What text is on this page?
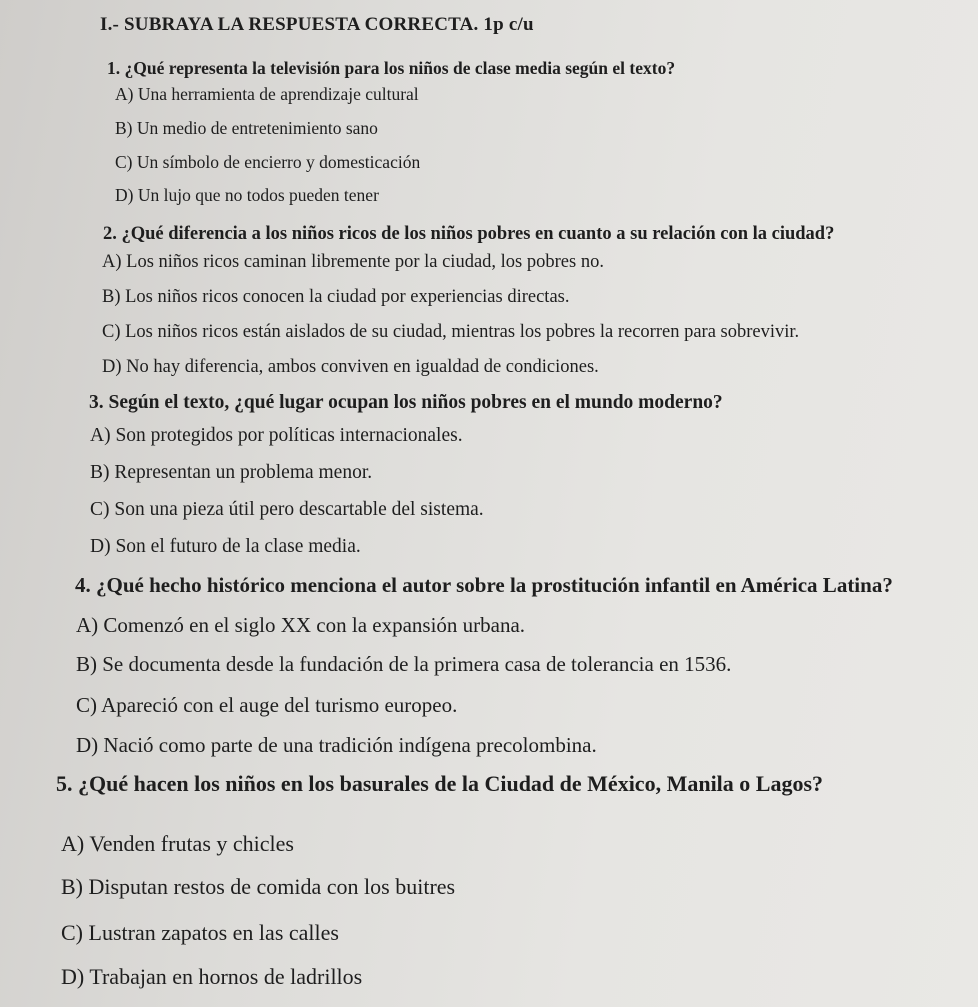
I.- SUBRAYA LA RESPUESTA CORRECTA. 1p c/u
1. ¿Qué representa la televisión para los niños de clase media según el texto?
A) Una herramienta de aprendizaje cultural
B) Un medio de entretenimiento sano
C) Un símbolo de encierro y domesticación
D) Un lujo que no todos pueden tener
2. ¿Qué diferencia a los niños ricos de los niños pobres en cuanto a su relación con la ciudad?
A) Los niños ricos caminan libremente por la ciudad, los pobres no.
B) Los niños ricos conocen la ciudad por experiencias directas.
C) Los niños ricos están aislados de su ciudad, mientras los pobres la recorren para sobrevivir.
D) No hay diferencia, ambos conviven en igualdad de condiciones.
3. Según el texto, ¿qué lugar ocupan los niños pobres en el mundo moderno?
A) Son protegidos por políticas internacionales.
B) Representan un problema menor.
C) Son una pieza útil pero descartable del sistema.
D) Son el futuro de la clase media.
4. ¿Qué hecho histórico menciona el autor sobre la prostitución infantil en América Latina?
A) Comenzó en el siglo XX con la expansión urbana.
B) Se documenta desde la fundación de la primera casa de tolerancia en 1536.
C) Apareció con el auge del turismo europeo.
D) Nació como parte de una tradición indígena precolombina.
5. ¿Qué hacen los niños en los basurales de la Ciudad de México, Manila o Lagos?
A) Venden frutas y chicles
B) Disputan restos de comida con los buitres
C) Lustran zapatos en las calles
D) Trabajan en hornos de ladrillos
